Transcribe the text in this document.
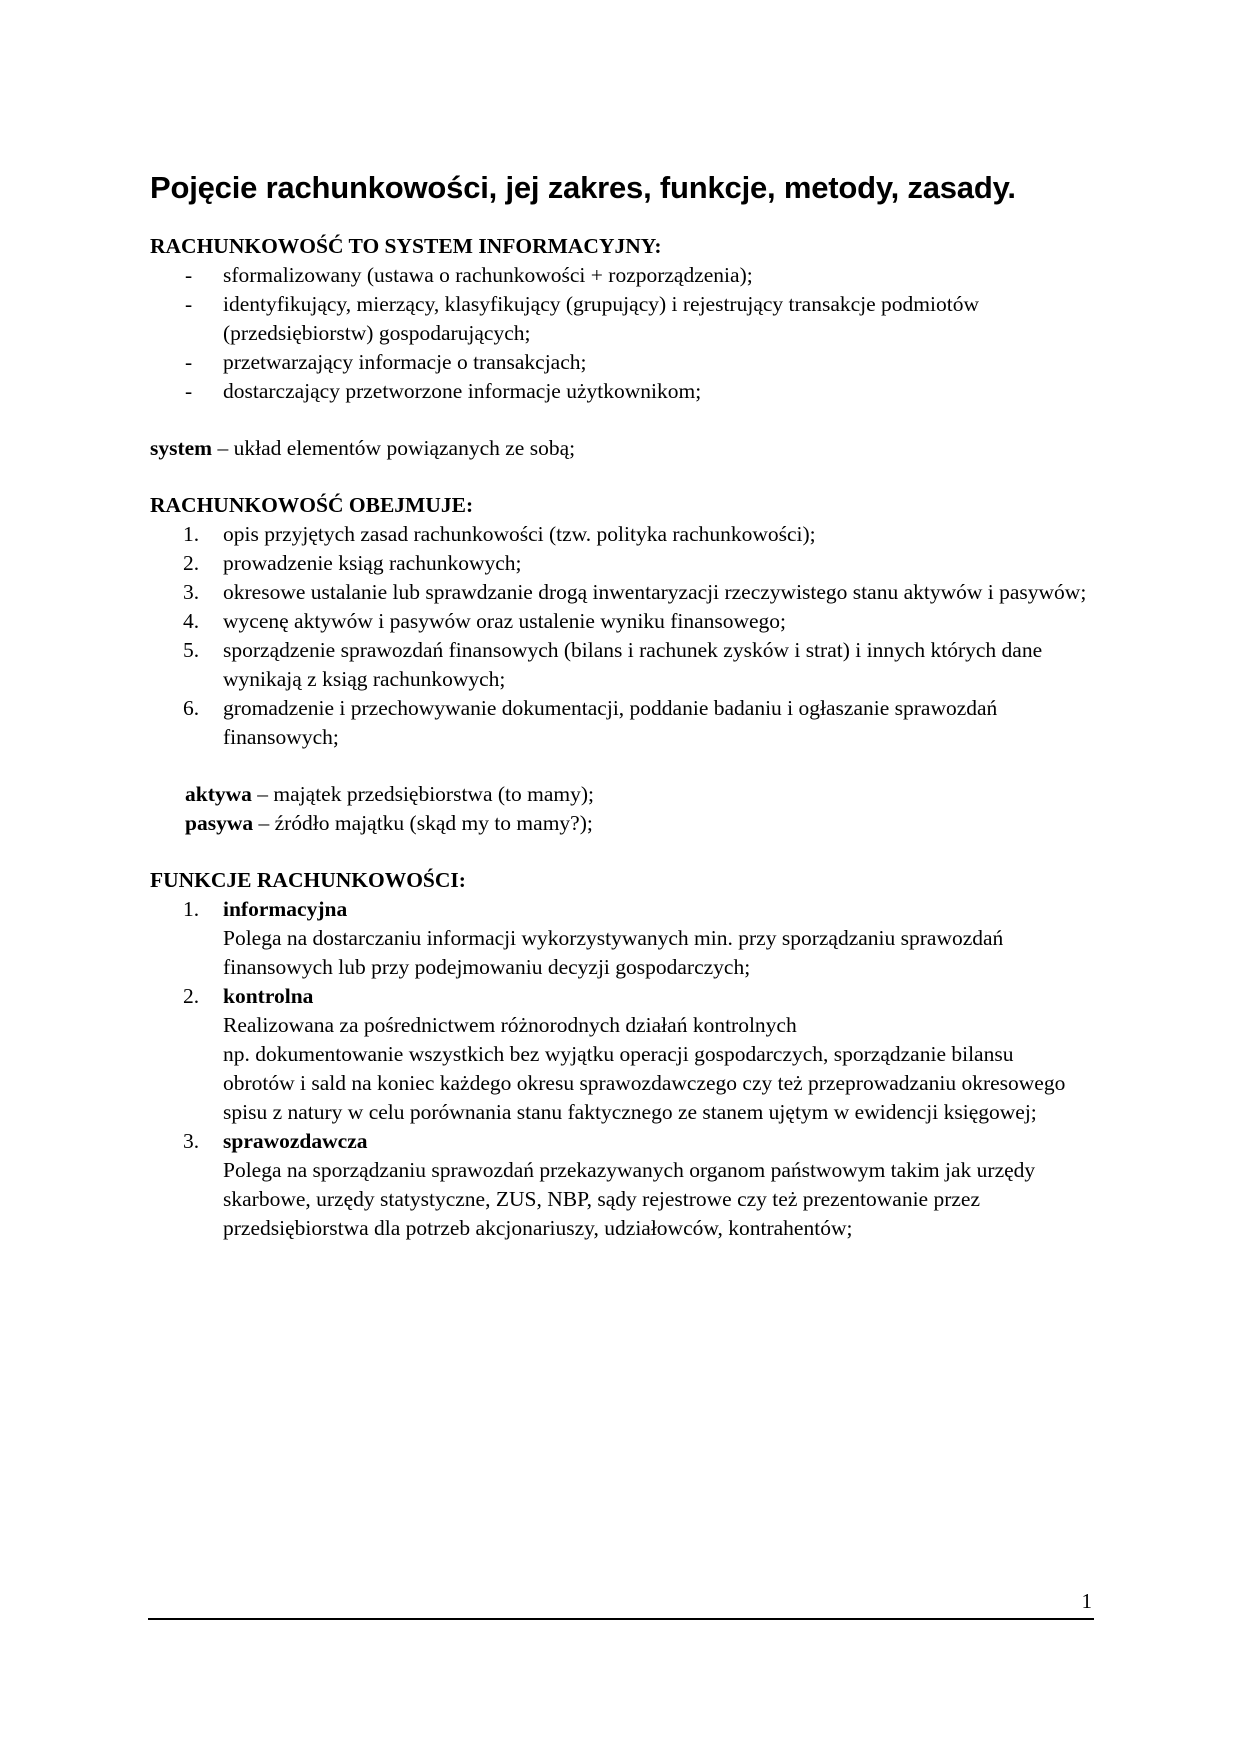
Pojęcie rachunkowości, jej zakres, funkcje, metody, zasady.

RACHUNKOWOŚĆ TO SYSTEM INFORMACYJNY:

- sformalizowany (ustawa o rachunkowości + rozporządzenia);
- identyfikujący, mierzący, klasyfikujący (grupujący) i rejestrujący transakcje podmiotów (przedsiębiorstw) gospodarujących;
- przetwarzający informacje o transakcjach;
- dostarczający przetworzone informacje użytkownikom;

system – układ elementów powiązanych ze sobą;

RACHUNKOWOŚĆ OBEJMUJE:

1. opis przyjętych zasad rachunkowości (tzw. polityka rachunkowości);
2. prowadzenie ksiąg rachunkowych;
3. okresowe ustalanie lub sprawdzanie drogą inwentaryzacji rzeczywistego stanu aktywów i pasywów;
4. wycenę aktywów i pasywów oraz ustalenie wyniku finansowego;
5. sporządzenie sprawozdań finansowych (bilans i rachunek zysków i strat) i innych których dane wynikają z ksiąg rachunkowych;
6. gromadzenie i przechowywanie dokumentacji, poddanie badaniu i ogłaszanie sprawozdań finansowych;

aktywa – majątek przedsiębiorstwa (to mamy);

pasywa – źródło majątku (skąd my to mamy?);

FUNKCJE RACHUNKOWOŚCI:

1. informacyjna
Polega na dostarczaniu informacji wykorzystywanych min. przy sporządzaniu sprawozdań finansowych lub przy podejmowaniu decyzji gospodarczych;
2. kontrolna
Realizowana za pośrednictwem różnorodnych działań kontrolnych
np. dokumentowanie wszystkich bez wyjątku operacji gospodarczych, sporządzanie bilansu obrotów i sald na koniec każdego okresu sprawozdawczego czy też przeprowadzaniu okresowego spisu z natury w celu porównania stanu faktycznego ze stanem ujętym w ewidencji księgowej;
3. sprawozdawcza
Polega na sporządzaniu sprawozdań przekazywanych organom państwowym takim jak urzędy skarbowe, urzędy statystyczne, ZUS, NBP, sądy rejestrowe czy też prezentowanie przez przedsiębiorstwa dla potrzeb akcjonariuszy, udziałowców, kontrahentów;
1
